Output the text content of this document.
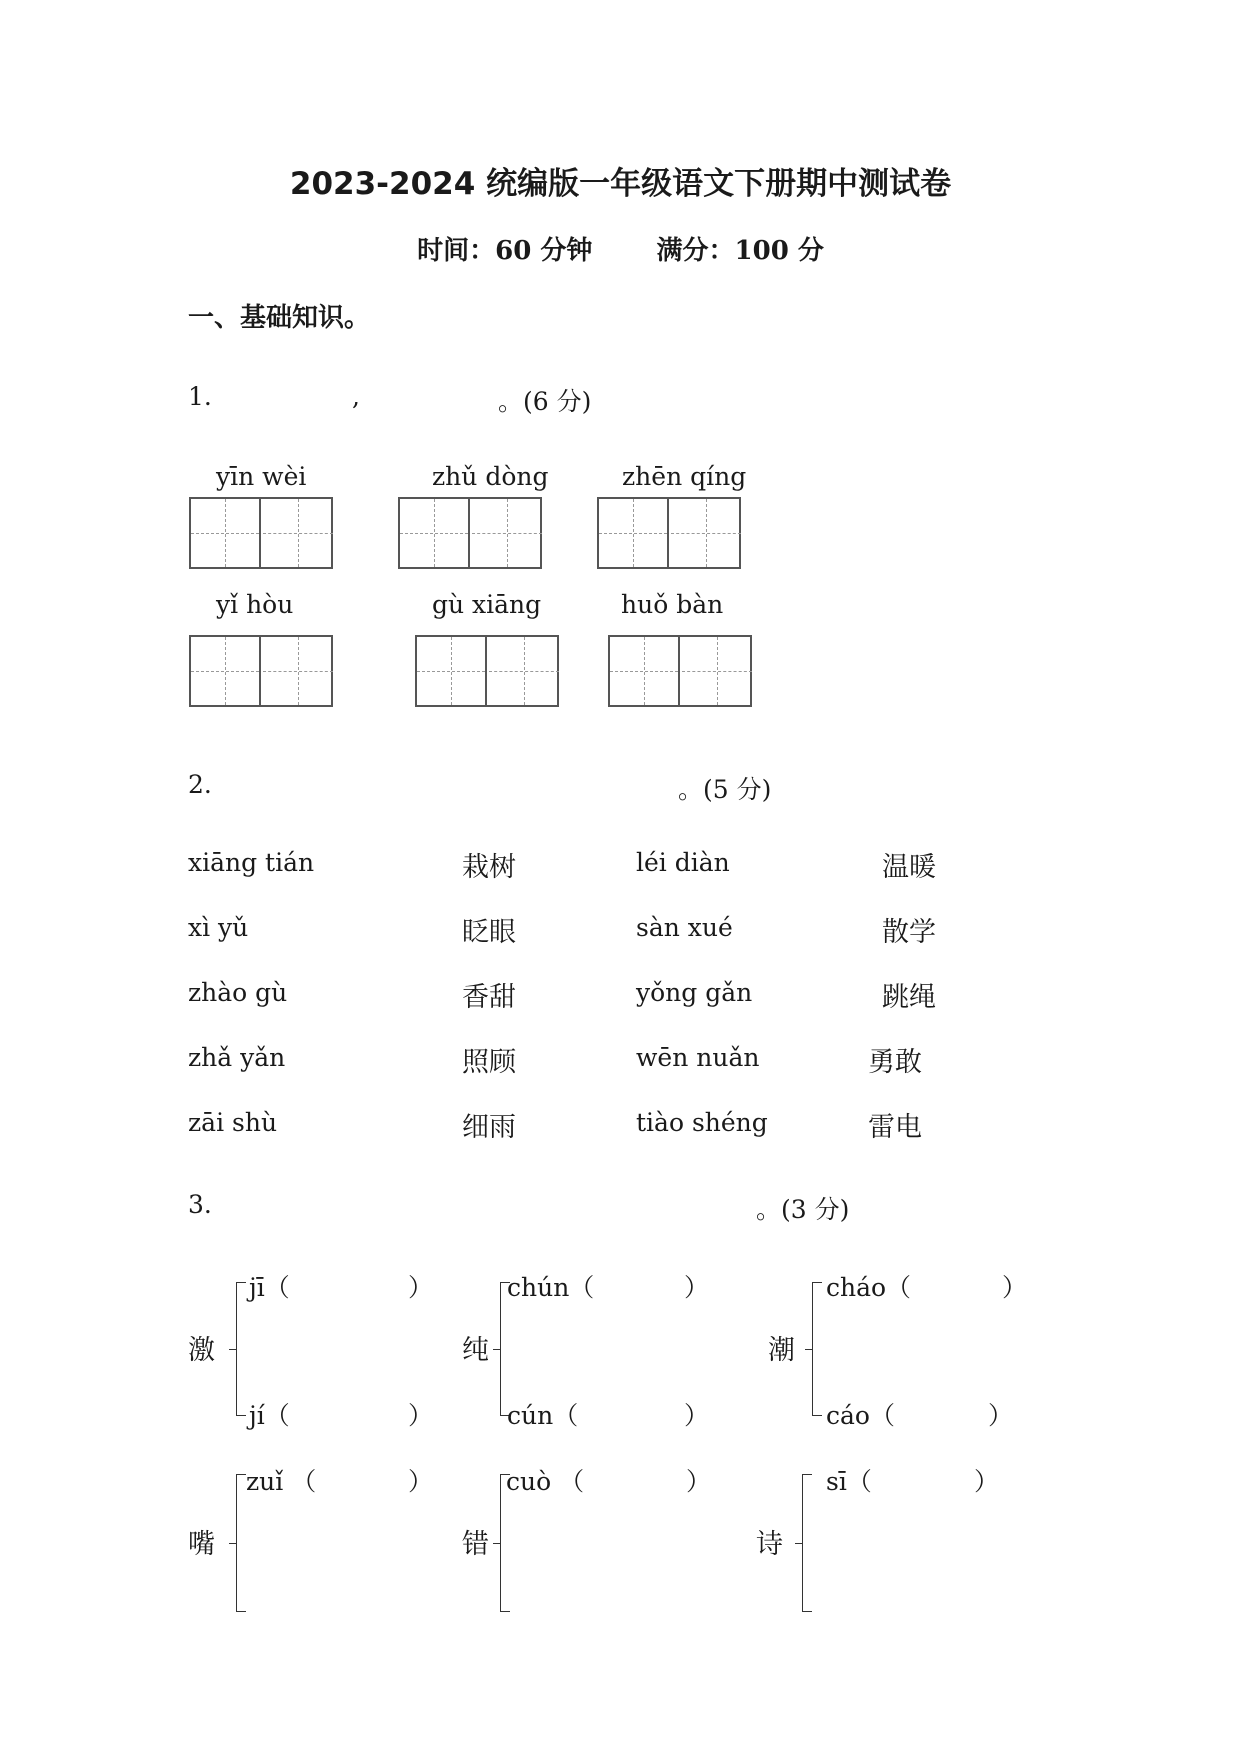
2023-2024 统编版一年级语文下册期中测试卷
时间：60 分钟 满分：100 分
一、基础知识。
1.	,	。(6 分)
yīn wèi	zhǔ dòng	zhēn qíng
yǐ hòu	gù xiāng	huǒ bàn
2.	。(5 分)
xiāng tián	栽树	léi diàn	温暖
xì yǔ	眨眼	sàn xué	散学
zhào gù	香甜	yǒng gǎn	跳绳
zhǎ yǎn	照顾	wēn nuǎn	勇敢
zāi shù	细雨	tiào shéng	雷电
3.	。(3 分)
激
jī（	）
jí（	）
纯
chún（	）
cún（	）
潮
cháo（	）
cáo（	）
嘴
zuǐ （	）
错
cuò （	）
诗
sī（	）
